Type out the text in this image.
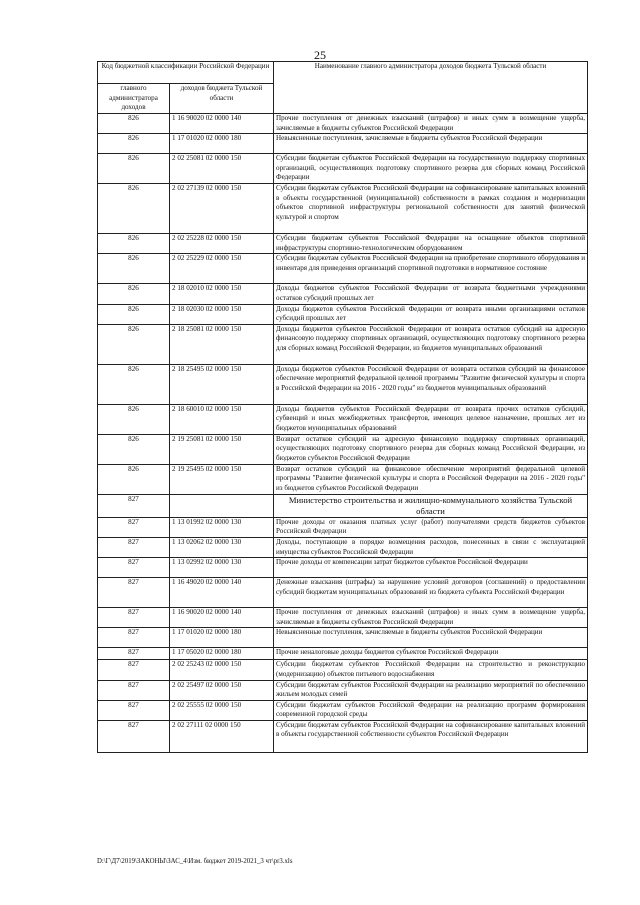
25
Код бюджетной классификации Российской Федерации		Наименование главного администратора доходов бюджета Тульской области
главного администратора доходов	доходов бюджета Тульской области	
826	1 16 90020 02 0000 140	Прочие поступления от денежных взысканий (штрафов) и иных сумм в возмещение ущерба, зачисляемые в бюджеты субъектов Российской Федерации
826	1 17 01020 02 0000 180	Невыясненные поступления, зачисляемые в бюджеты субъектов Российской Федерации
826	2 02 25081 02 0000 150	Субсидии бюджетам субъектов Российской Федерации на государственную поддержку спортивных организаций, осуществляющих подготовку спортивного резерва для сборных команд Российской Федерации
826	2 02 27139 02 0000 150	Субсидии бюджетам субъектов Российской Федерации на софинансирование капитальных вложений в объекты государственной (муниципальной) собственности в рамках создания и модернизации объектов спортивной инфраструктуры региональной собственности для занятий физической культурой и спортом
826	2 02 25228 02 0000 150	Субсидии бюджетам субъектов Российской Федерации на оснащение объектов спортивной инфраструктуры спортивно-технологическим оборудованием
826	2 02 25229 02 0000 150	Субсидии бюджетам субъектов Российской Федерации на приобретение спортивного оборудования и инвентаря для приведения организаций спортивной подготовки в нормативное состояние
826	2 18 02010 02 0000 150	Доходы бюджетов субъектов Российской Федерации от возврата бюджетными учреждениями остатков субсидий прошлых лет
826	2 18 02030 02 0000 150	Доходы бюджетов субъектов Российской Федерации от возврата иными организациями остатков субсидий прошлых лет
826	2 18 25081 02 0000 150	Доходы бюджетов субъектов Российской Федерации от возврата остатков субсидий на адресную финансовую поддержку спортивных организаций, осуществляющих подготовку спортивного резерва для сборных команд Российской Федерации, из бюджетов муниципальных образований
826	2 18 25495 02 0000 150	Доходы бюджетов субъектов Российской Федерации от возврата остатков субсидий на финансовое обеспечение мероприятий федеральной целевой программы "Развитие физической культуры и спорта в Российской Федерации на 2016 - 2020 годы" из бюджетов муниципальных образований
826	2 18 60010 02 0000 150	Доходы бюджетов субъектов Российской Федерации от возврата прочих остатков субсидий, субвенций и иных межбюджетных трансфертов, имеющих целевое назначение, прошлых лет из бюджетов муниципальных образований
826	2 19 25081 02 0000 150	Возврат остатков субсидий на адресную финансовую поддержку спортивных организаций, осуществляющих подготовку спортивного резерва для сборных команд Российской Федерации, из бюджетов субъектов Российской Федерации
826	2 19 25495 02 0000 150	Возврат остатков субсидий на финансовое обеспечение мероприятий федеральной целевой программы "Развитие физической культуры и спорта в Российской Федерации на 2016 - 2020 годы" из бюджетов субъектов Российской Федерации
827		Министерство строительства и жилищно-коммунального хозяйства Тульской области
827	1 13 01992 02 0000 130	Прочие доходы от оказания платных услуг (работ) получателями средств бюджетов субъектов Российской Федерации
827	1 13 02062 02 0000 130	Доходы, поступающие в порядке возмещения расходов, понесенных в связи с эксплуатацией имущества субъектов Российской Федерации
827	1 13 02992 02 0000 130	Прочие доходы от компенсации затрат бюджетов субъектов Российской Федерации
827	1 16 49020 02 0000 140	Денежные взыскания (штрафы) за нарушение условий договоров (соглашений) о предоставлении субсидий бюджетам муниципальных образований из бюджета субъекта Российской Федерации
827	1 16 90020 02 0000 140	Прочие поступления от денежных взысканий (штрафов) и иных сумм в возмещение ущерба, зачисляемые в бюджеты субъектов Российской Федерации
827	1 17 01020 02 0000 180	Невыясненные поступления, зачисляемые в бюджеты субъектов Российской Федерации
827	1 17 05020 02 0000 180	Прочие неналоговые доходы бюджетов субъектов Российской Федерации
827	2 02 25243 02 0000 150	Субсидии бюджетам субъектов Российской Федерации на строительство и реконструкцию (модернизацию) объектов питьевого водоснабжения
827	2 02 25497 02 0000 150	Субсидии бюджетам субъектов Российской Федерации на реализацию мероприятий по обеспечению жильем молодых семей
827	2 02 25555 02 0000 150	Субсидии бюджетам субъектов Российской Федерации на реализацию программ формирования современной городской среды
827	2 02 27111 02 0000 150	Субсидии бюджетам субъектов Российской Федерации на софинансирование капитальных вложений в объекты государственной собственности субъектов Российской Федерации
D:\Г\Д7\2019\ЗАКОНЫ\ЗАС_4\Изм. бюджет 2019-2021_3 чт\pr3.xls
